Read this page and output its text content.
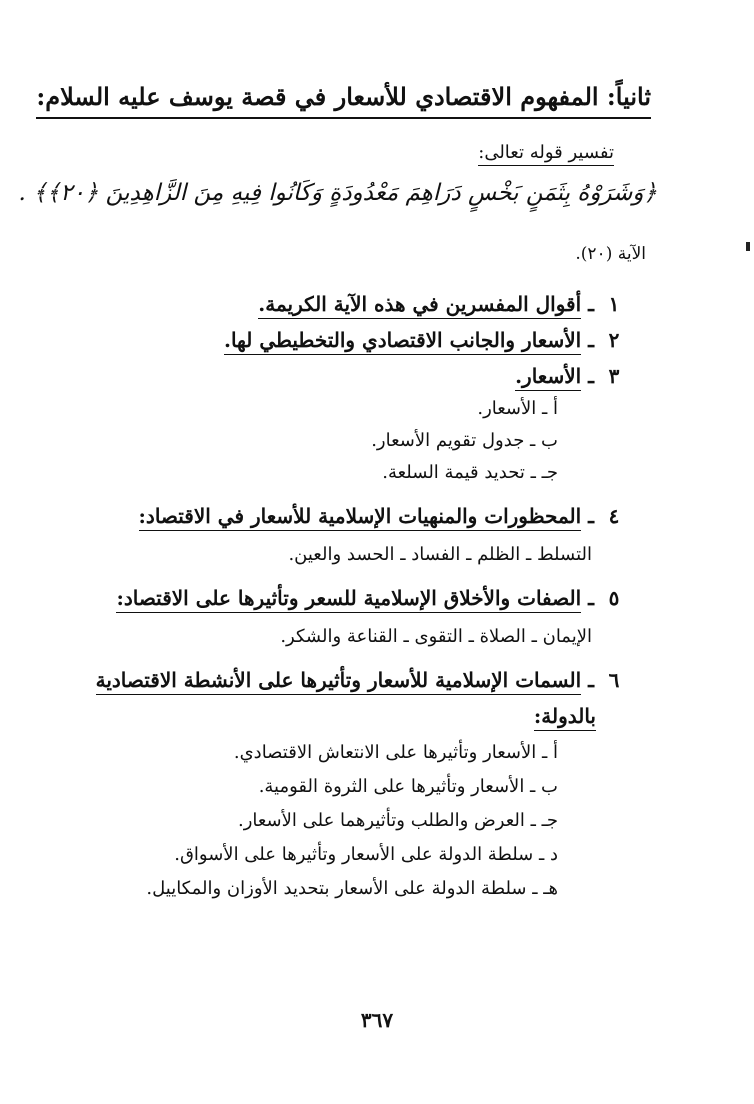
ثانياً: المفهوم الاقتصادي للأسعار في قصة يوسف عليه السلام:
تفسير قوله تعالى:
﴿وَشَرَوْهُ بِثَمَنٍ بَخْسٍ دَرَاهِمَ مَعْدُودَةٍ وَكَانُوا فِيهِ مِنَ الزَّاهِدِينَ ﴿٢٠﴾﴾ .
الآية (٢٠).
١ـ أقوال المفسرين في هذه الآية الكريمة.
٢ـ الأسعار والجانب الاقتصادي والتخطيطي لها.
٣ـ الأسعار.
أ ـ الأسعار.
ب ـ جدول تقويم الأسعار.
جـ ـ تحديد قيمة السلعة.
٤ـ المحظورات والمنهيات الإسلامية للأسعار في الاقتصاد:
التسلط ـ الظلم ـ الفساد ـ الحسد والعين.
٥ـ الصفات والأخلاق الإسلامية للسعر وتأثيرها على الاقتصاد:
الإيمان ـ الصلاة ـ التقوى ـ القناعة والشكر.
٦ـ السمات الإسلامية للأسعار وتأثيرها على الأنشطة الاقتصادية
بالدولة:
أ ـ الأسعار وتأثيرها على الانتعاش الاقتصادي.
ب ـ الأسعار وتأثيرها على الثروة القومية.
جـ ـ العرض والطلب وتأثيرهما على الأسعار.
د ـ سلطة الدولة على الأسعار وتأثيرها على الأسواق.
هـ ـ سلطة الدولة على الأسعار بتحديد الأوزان والمكاييل.
٣٦٧
